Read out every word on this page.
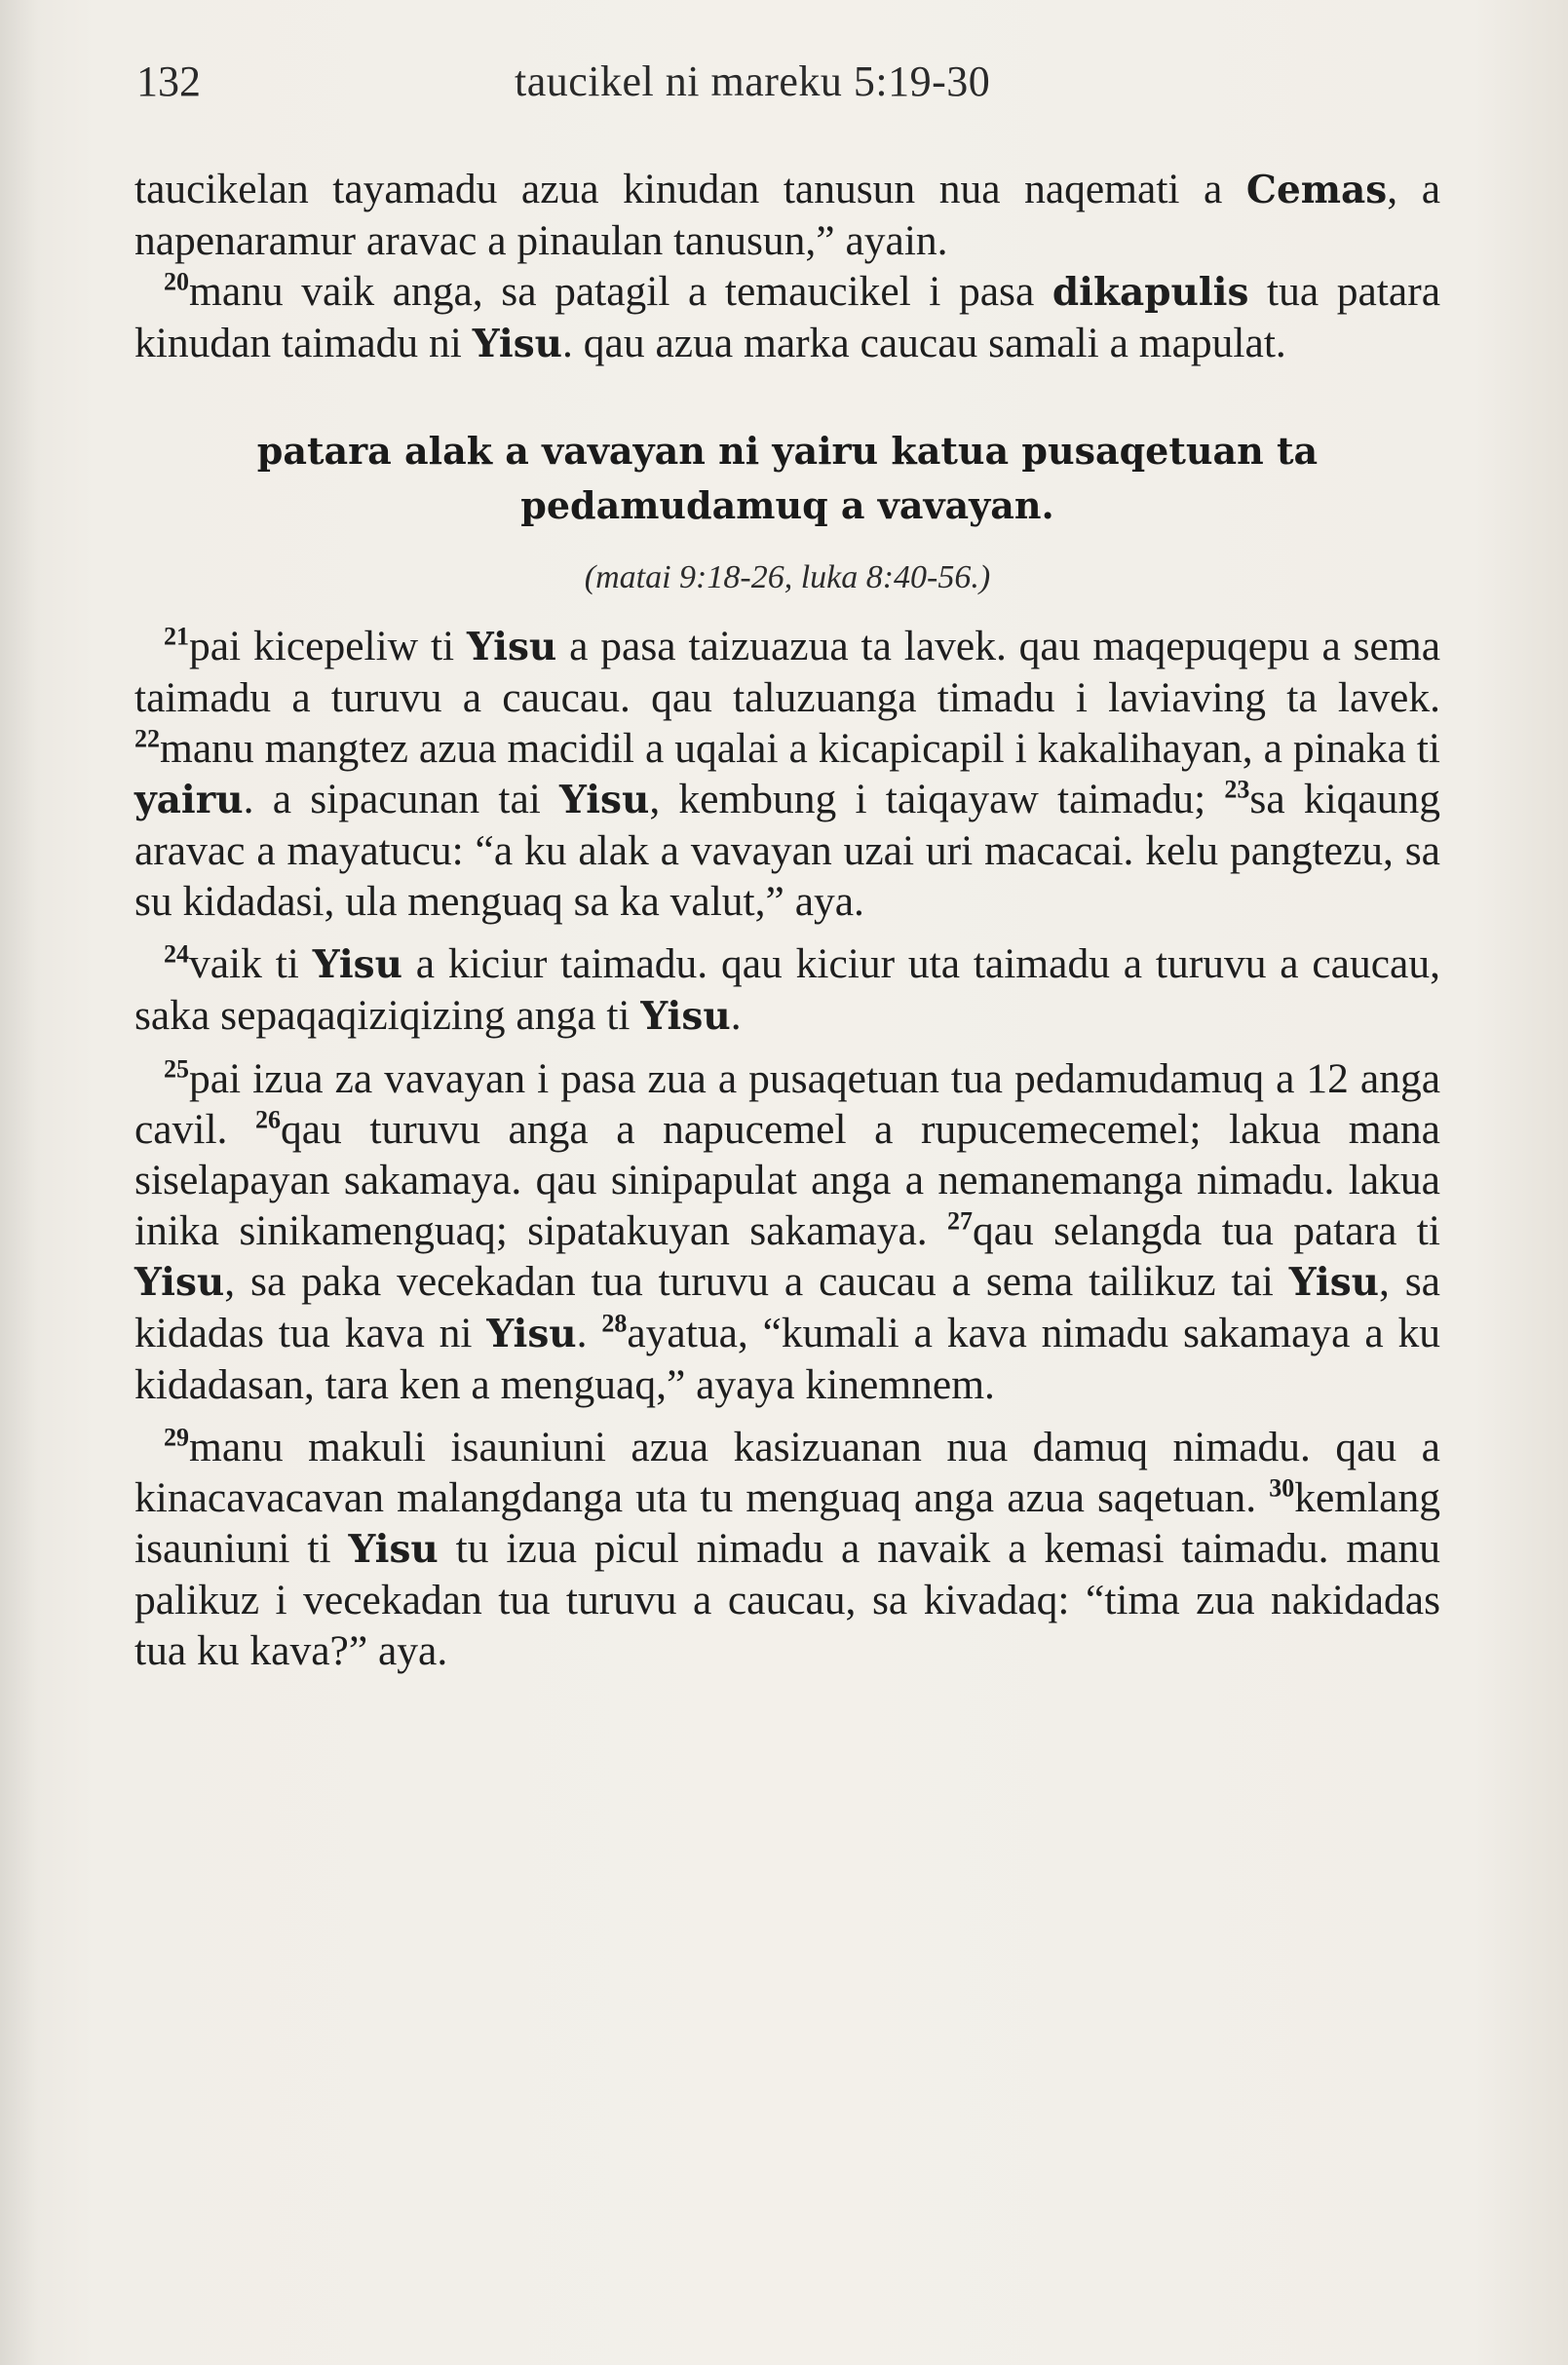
132	taucikel ni mareku 5:19-30

taucikelan tayamadu azua kinudan tanusun nua naqemati a Cemas, a napenaramur aravac a pinaulan tanusun,” ayain.

$^{20}$manu vaik anga, sa patagil a temaucikel i pasa dikapulis tua patara kinudan taimadu ni Yisu. qau azua marka caucau samali a mapulat.

patara alak a vavayan ni yairu katua pusaqetuan ta
pedamudamuq a vavayan.
(matai 9:18-26, luka 8:40-56.)

$^{21}$pai kicepeliw ti Yisu a pasa taizuazua ta lavek. qau maqepuqepu a sema taimadu a turuvu a caucau. qau taluzuanga timadu i laviaving ta lavek. $^{22}$manu mangtez azua macidil a uqalai a kicapicapil i kakalihayan, a pinaka ti yairu. a sipacunan tai Yisu, kembung i taiqayaw taimadu; $^{23}$sa kiqaung aravac a mayatucu: “a ku alak a vavayan uzai uri macacai. kelu pangtezu, sa su kidadasi, ula menguaq sa ka valut,” aya.

$^{24}$vaik ti Yisu a kiciur taimadu. qau kiciur uta taimadu a turuvu a caucau, saka sepaqaqiziqizing anga ti Yisu.

$^{25}$pai izua za vavayan i pasa zua a pusaqetuan tua pedamudamuq a 12 anga cavil. $^{26}$qau turuvu anga a napucemel a rupucemecemel; lakua mana siselapayan sakamaya. qau sinipapulat anga a nemanemanga nimadu. lakua inika sinikamenguaq; sipatakuyan sakamaya. $^{27}$qau selangda tua patara ti Yisu, sa paka vecekadan tua turuvu a caucau a sema tailikuz tai Yisu, sa kidadas tua kava ni Yisu. $^{28}$ayatua, “kumali a kava nimadu sakamaya a ku kidadasan, tara ken a menguaq,” ayaya kinemnem.

$^{29}$manu makuli isauniuni azua kasizuanan nua damuq nimadu. qau a kinacavacavan malangdanga uta tu menguaq anga azua saqetuan. $^{30}$kemlang isauniuni ti Yisu tu izua picul nimadu a navaik a kemasi taimadu. manu palikuz i vecekadan tua turuvu a caucau, sa kivadaq: “tima zua nakidadas tua ku kava?” aya.
